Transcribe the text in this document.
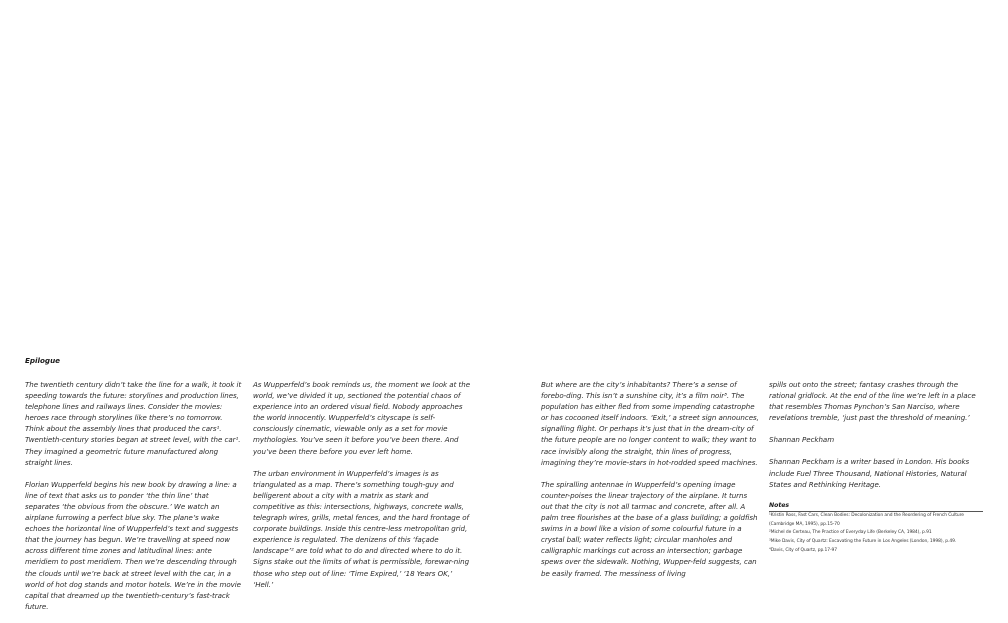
Epilogue

The twentieth century didn’t take the line for a walk, it took it speeding towards the future: storylines and production lines, telephone lines and railways lines. Consider the movies: heroes race through storylines like there’s no tomorrow. Think about the assembly lines that produced the cars¹. Twentieth-century stories began at street level, with the car¹. They imagined a geometric future manufactured along straight lines.

Florian Wupperfeld begins his new book by drawing a line: a line of text that asks us to ponder ‘the thin line’ that separates ‘the obvious from the obscure.’ We watch an airplane furrowing a perfect blue sky. The plane’s wake echoes the horizontal line of Wupperfeld’s text and suggests that the journey has begun. We’re travelling at speed now across different time zones and latitudinal lines: ante meridiem to post meridiem. Then we’re descending through the clouds until we’re back at street level with the car, in a world of hot dog stands and motor hotels. We’re in the movie capital that dreamed up the twentieth-century’s fast-track future.

As Wupperfeld’s book reminds us, the moment we look at the world, we’ve divided it up, sectioned the potential chaos of experience into an ordered visual field. Nobody approaches the world innocently. Wupperfeld’s cityscape is self-consciously cinematic, viewable only as a set for movie mythologies. You’ve seen it before you’ve been there. And you’ve been there before you ever left home.

The urban environment in Wupperfeld’s images is as triangulated as a map. There’s something tough-guy and belligerent about a city with a matrix as stark and competitive as this: intersections, highways, concrete walls, telegraph wires, grills, metal fences, and the hard frontage of corporate buildings. Inside this centre-less metropolitan grid, experience is regulated. The denizens of this ‘façade landscape’² are told what to do and directed where to do it. Signs stake out the limits of what is permissible, forewar-ning those who step out of line: ‘Time Expired,’ ‘18 Years OK,’ ‘Hell.’

But where are the city’s inhabitants? There’s a sense of forebo-ding. This isn’t a sunshine city, it’s a film noir³. The population has either fled from some impending catastrophe or has cocooned itself indoors. ‘Exit,’ a street sign announces, signalling flight. Or perhaps it’s just that in the dream-city of the future people are no longer content to walk; they want to race invisibly along the straight, thin lines of progress, imagining they’re movie-stars in hot-rodded speed machines.

The spiralling antennae in Wupperfeld’s opening image counter-poises the linear trajectory of the airplane. It turns out that the city is not all tarmac and concrete, after all. A palm tree flourishes at the base of a glass building; a goldfish swims in a bowl like a vision of some colourful future in a crystal ball; water reflects light; circular manholes and calligraphic markings cut across an intersection; garbage spews over the sidewalk. Nothing, Wupper-feld suggests, can be easily framed. The messiness of living

spills out onto the street; fantasy crashes through the rational gridlock. At the end of the line we’re left in a place that resembles Thomas Pynchon’s San Narciso, where revelations tremble, ‘just past the threshold of meaning.’

Shannan Peckham

Shannan Peckham is a writer based in London. His books include Fuel Three Thousand, National Histories, Natural States and Rethinking Heritage.

Notes
¹Kristin Ross, Fast Cars, Clean Bodies: Decolonization and the Reordering of French Culture
(Cambridge MA, 1995), pp.15-70
²Michel de Certeau, The Practice of Everyday Life (Berkeley CA, 1984), p.91
³Mike Davis, City of Quartz: Excavating the Future in Los Angeles (London, 1998), p.49.
⁴Davis, City of Quartz, pp.17-97
